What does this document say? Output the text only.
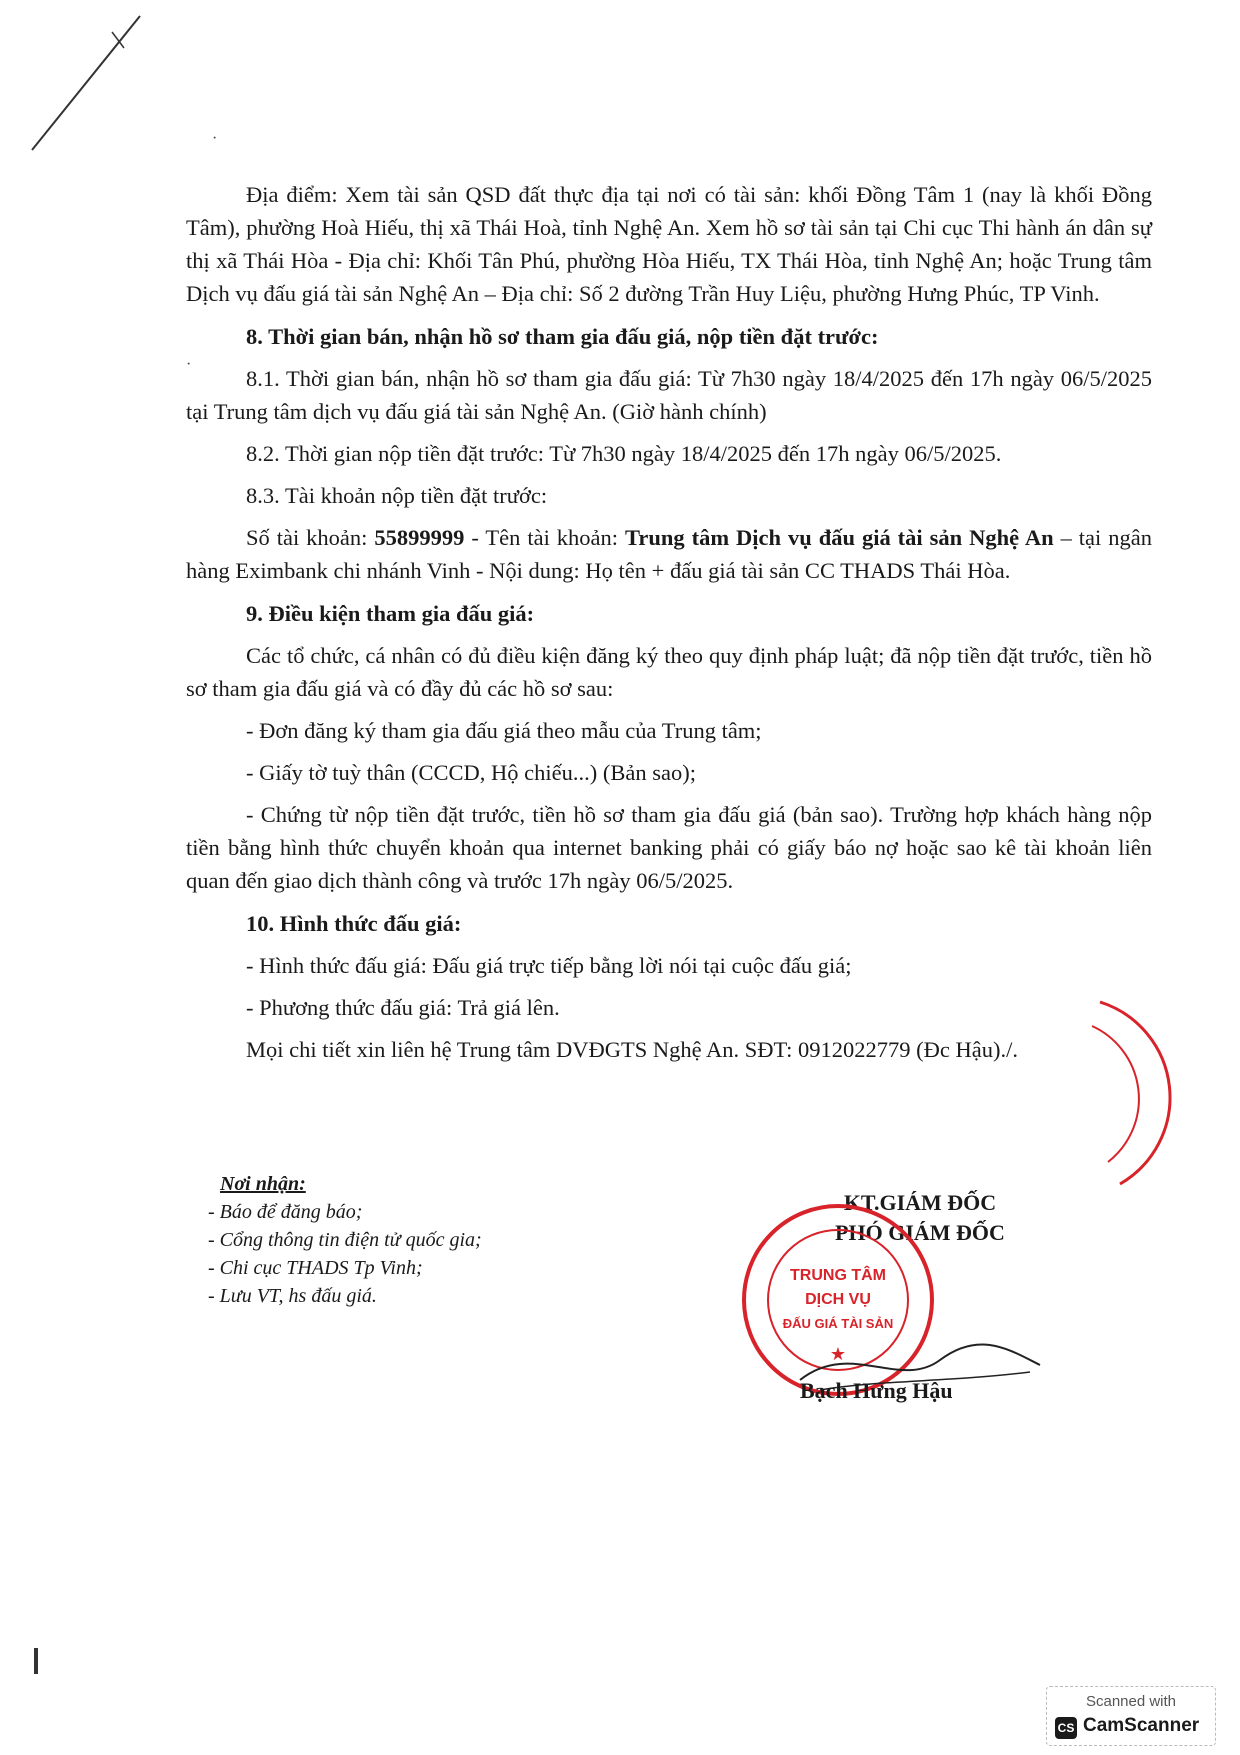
·
·

Địa điểm: Xem tài sản QSD đất thực địa tại nơi có tài sản: khối Đồng Tâm 1 (nay là khối Đồng Tâm), phường Hoà Hiếu, thị xã Thái Hoà, tỉnh Nghệ An. Xem hồ sơ tài sản tại Chi cục Thi hành án dân sự thị xã Thái Hòa - Địa chỉ: Khối Tân Phú, phường Hòa Hiếu, TX Thái Hòa, tỉnh Nghệ An; hoặc Trung tâm Dịch vụ đấu giá tài sản Nghệ An – Địa chỉ: Số 2 đường Trần Huy Liệu, phường Hưng Phúc, TP Vinh.

8. Thời gian bán, nhận hồ sơ tham gia đấu giá, nộp tiền đặt trước:

8.1. Thời gian bán, nhận hồ sơ tham gia đấu giá: Từ 7h30 ngày 18/4/2025 đến 17h ngày 06/5/2025 tại Trung tâm dịch vụ đấu giá tài sản Nghệ An. (Giờ hành chính)

8.2. Thời gian nộp tiền đặt trước: Từ 7h30 ngày 18/4/2025 đến 17h ngày 06/5/2025.

8.3. Tài khoản nộp tiền đặt trước:

Số tài khoản: 55899999 - Tên tài khoản: Trung tâm Dịch vụ đấu giá tài sản Nghệ An – tại ngân hàng Eximbank chi nhánh Vinh - Nội dung: Họ tên + đấu giá tài sản CC THADS Thái Hòa.

9. Điều kiện tham gia đấu giá:

Các tổ chức, cá nhân có đủ điều kiện đăng ký theo quy định pháp luật; đã nộp tiền đặt trước, tiền hồ sơ tham gia đấu giá và có đầy đủ các hồ sơ sau:

- Đơn đăng ký tham gia đấu giá theo mẫu của Trung tâm;

- Giấy tờ tuỳ thân (CCCD, Hộ chiếu...) (Bản sao);

- Chứng từ nộp tiền đặt trước, tiền hồ sơ tham gia đấu giá (bản sao). Trường hợp khách hàng nộp tiền bằng hình thức chuyển khoản qua internet banking phải có giấy báo nợ hoặc sao kê tài khoản liên quan đến giao dịch thành công và trước 17h ngày 06/5/2025.

10. Hình thức đấu giá:

- Hình thức đấu giá: Đấu giá trực tiếp bằng lời nói tại cuộc đấu giá;

- Phương thức đấu giá: Trả giá lên.

Mọi chi tiết xin liên hệ Trung tâm DVĐGTS Nghệ An. SĐT: 0912022779 (Đc Hậu)./.

Nơi nhận:
- Báo để đăng báo;
- Cổng thông tin điện tử quốc gia;
- Chi cục THADS Tp Vinh;
- Lưu VT, hs đấu giá.
KT.GIÁM ĐỐC
PHÓ GIÁM ĐỐC
TRUNG TÂM
DỊCH VỤ
ĐẤU GIÁ TÀI SẢN
★
Bạch Hưng Hậu
Scanned with
CS CamScanner
